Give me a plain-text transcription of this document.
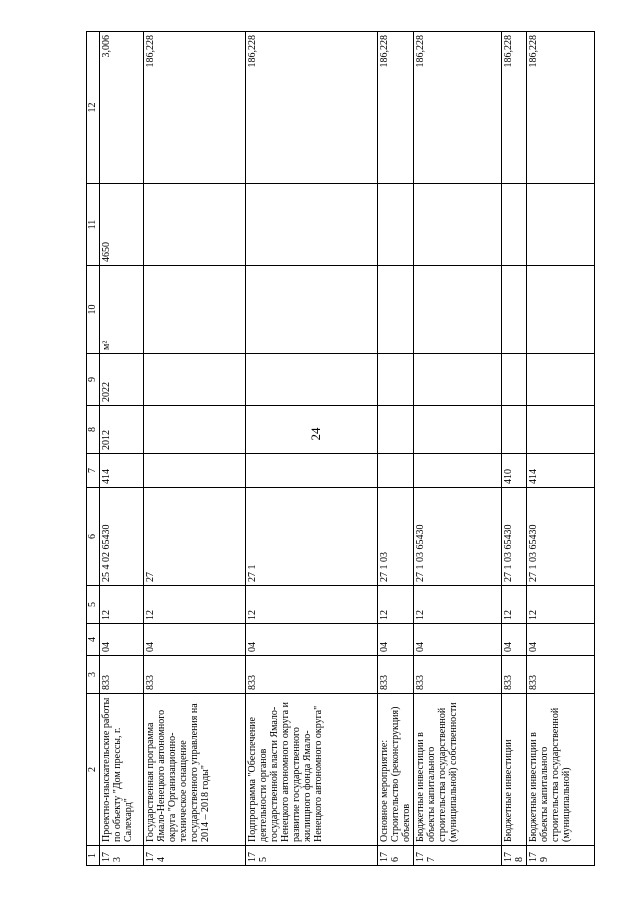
24
1	2	3	4	5	6	7	8	9	10	11	12
173	Проектно-изыскательские работы по объекту "Дом прессы, г. Салехард"	833	04	12	25 4 02 65430	414	2012	2022	м²	4650	3,006
174	Государственная программа Ямало-Ненецкого автономного округа "Организационно-техническое оснащение государственного управления на 2014 – 2018 годы"	833	04	12	27						186,228
175	Подпрограмма "Обеспечение деятельности органов государственной власти Ямало-Ненецкого автономного округа и развитие государственного жилищного фонда Ямало-Ненецкого автономного округа"	833	04	12	27 1						186,228
176	Основное мероприятие: Строительство (реконструкция) объектов	833	04	12	27 1 03						186,228
177	Бюджетные инвестиции в объекты капитального строительства государственной (муниципальной) собственности	833	04	12	27 1 03 65430						186,228
178	Бюджетные инвестиции	833	04	12	27 1 03 65430	410					186,228
179	Бюджетные инвестиции в объекты капитального строительства государственной (муниципальной)	833	04	12	27 1 03 65430	414					186,228
